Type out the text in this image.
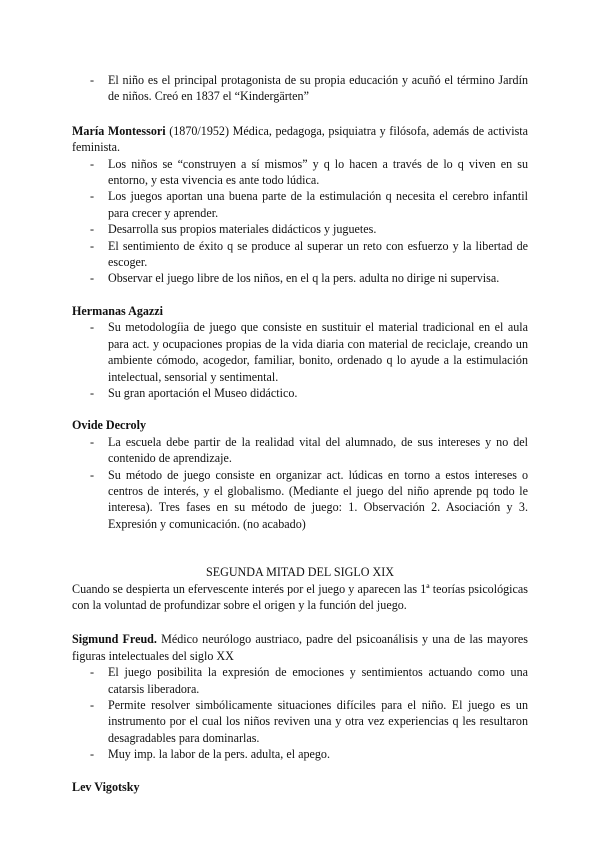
- El niño es el principal protagonista de su propia educación y acuñó el término Jardín de niños. Creó en 1837 el “Kindergärten”
María Montessori (1870/1952) Médica, pedagoga, psiquiatra y filósofa, además de activista feminista.
- Los niños se “construyen a sí mismos” y q lo hacen a través de lo q viven en su entorno, y esta vivencia es ante todo lúdica.
- Los juegos aportan una buena parte de la estimulación q necesita el cerebro infantil para crecer y aprender.
- Desarrolla sus propios materiales didácticos y juguetes.
- El sentimiento de éxito q se produce al superar un reto con esfuerzo y la libertad de escoger.
- Observar el juego libre de los niños, en el q la pers. adulta no dirige ni supervisa.
Hermanas Agazzi
- Su metodologíia de juego que consiste en sustituir el material tradicional en el aula para act. y ocupaciones propias de la vida diaria con material de reciclaje, creando un ambiente cómodo, acogedor, familiar, bonito, ordenado q lo ayude a la estimulación intelectual, sensorial y sentimental.
- Su gran aportación el Museo didáctico.
Ovide Decroly
- La escuela debe partir de la realidad vital del alumnado, de sus intereses y no del contenido de aprendizaje.
- Su método de juego consiste en organizar act. lúdicas en torno a estos intereses o centros de interés, y el globalismo. (Mediante el juego del niño aprende pq todo le interesa). Tres fases en su método de juego: 1. Observación 2. Asociación y 3. Expresión y comunicación. (no acabado)
SEGUNDA MITAD DEL SIGLO XIX
Cuando se despierta un efervescente interés por el juego y aparecen las 1ª teorías psicológicas con la voluntad de profundizar sobre el origen y la función del juego.
Sigmund Freud. Médico neurólogo austriaco, padre del psicoanálisis y una de las mayores figuras intelectuales del siglo XX
- El juego posibilita la expresión de emociones y sentimientos actuando como una catarsis liberadora.
- Permite resolver simbólicamente situaciones difíciles para el niño. El juego es un instrumento por el cual los niños reviven una y otra vez experiencias q les resultaron desagradables para dominarlas.
- Muy imp. la labor de la pers. adulta, el apego.
Lev Vigotsky
